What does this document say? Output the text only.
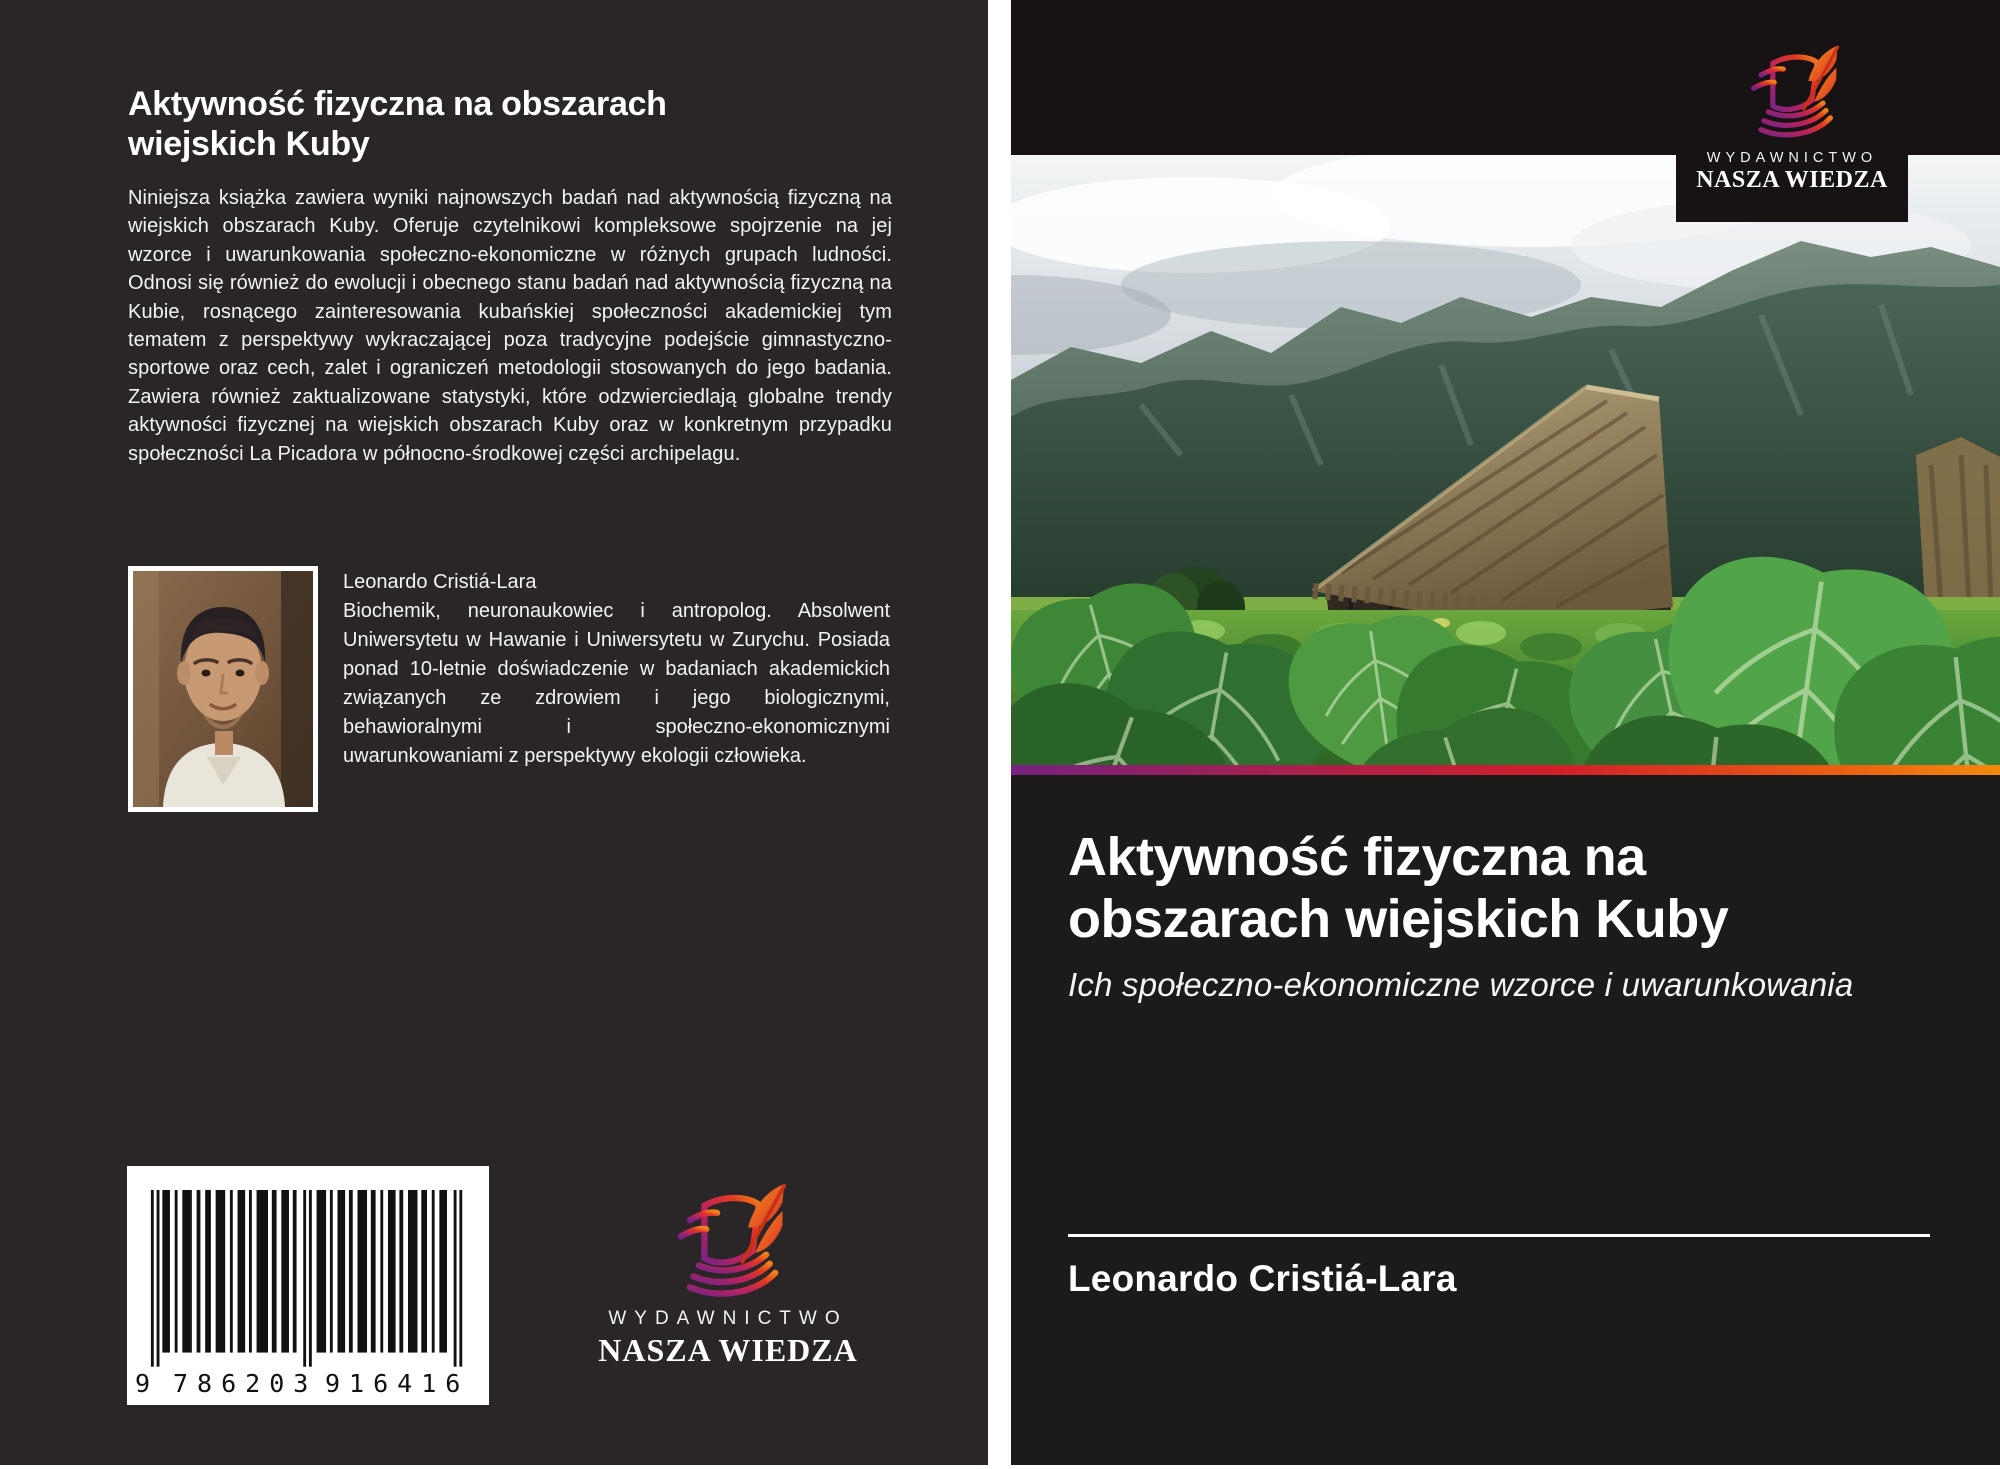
Aktywność fizyczna na obszarach wiejskich Kuby
Niniejsza książka zawiera wyniki najnowszych badań nad aktywnością fizyczną na wiejskich obszarach Kuby. Oferuje czytelnikowi kompleksowe spojrzenie na jej wzorce i uwarunkowania społeczno-ekonomiczne w różnych grupach ludności. Odnosi się również do ewolucji i obecnego stanu badań nad aktywnością fizyczną na Kubie, rosnącego zainteresowania kubańskiej społeczności akademickiej tym tematem z perspektywy wykraczającej poza tradycyjne podejście gimnastyczno-sportowe oraz cech, zalet i ograniczeń metodologii stosowanych do jego badania. Zawiera również zaktualizowane statystyki, które odzwierciedlają globalne trendy aktywności fizycznej na wiejskich obszarach Kuby oraz w konkretnym przypadku społeczności La Picadora w północno-środkowej części archipelagu.
Leonardo Cristiá-Lara
Biochemik, neuronaukowiec i antropolog. Absolwent Uniwersytetu w Hawanie i Uniwersytetu w Zurychu. Posiada ponad 10-letnie doświadczenie w badaniach akademickich związanych ze zdrowiem i jego biologicznymi, behawioralnymi i społeczno-ekonomicznymi uwarunkowaniami z perspektywy ekologii człowieka.
9 786203 916416
WYDAWNICTWO
NASZA WIEDZA
WYDAWNICTWO
NASZA WIEDZA
Aktywność fizyczna na obszarach wiejskich Kuby
Ich społeczno-ekonomiczne wzorce i uwarunkowania
Leonardo Cristiá-Lara
